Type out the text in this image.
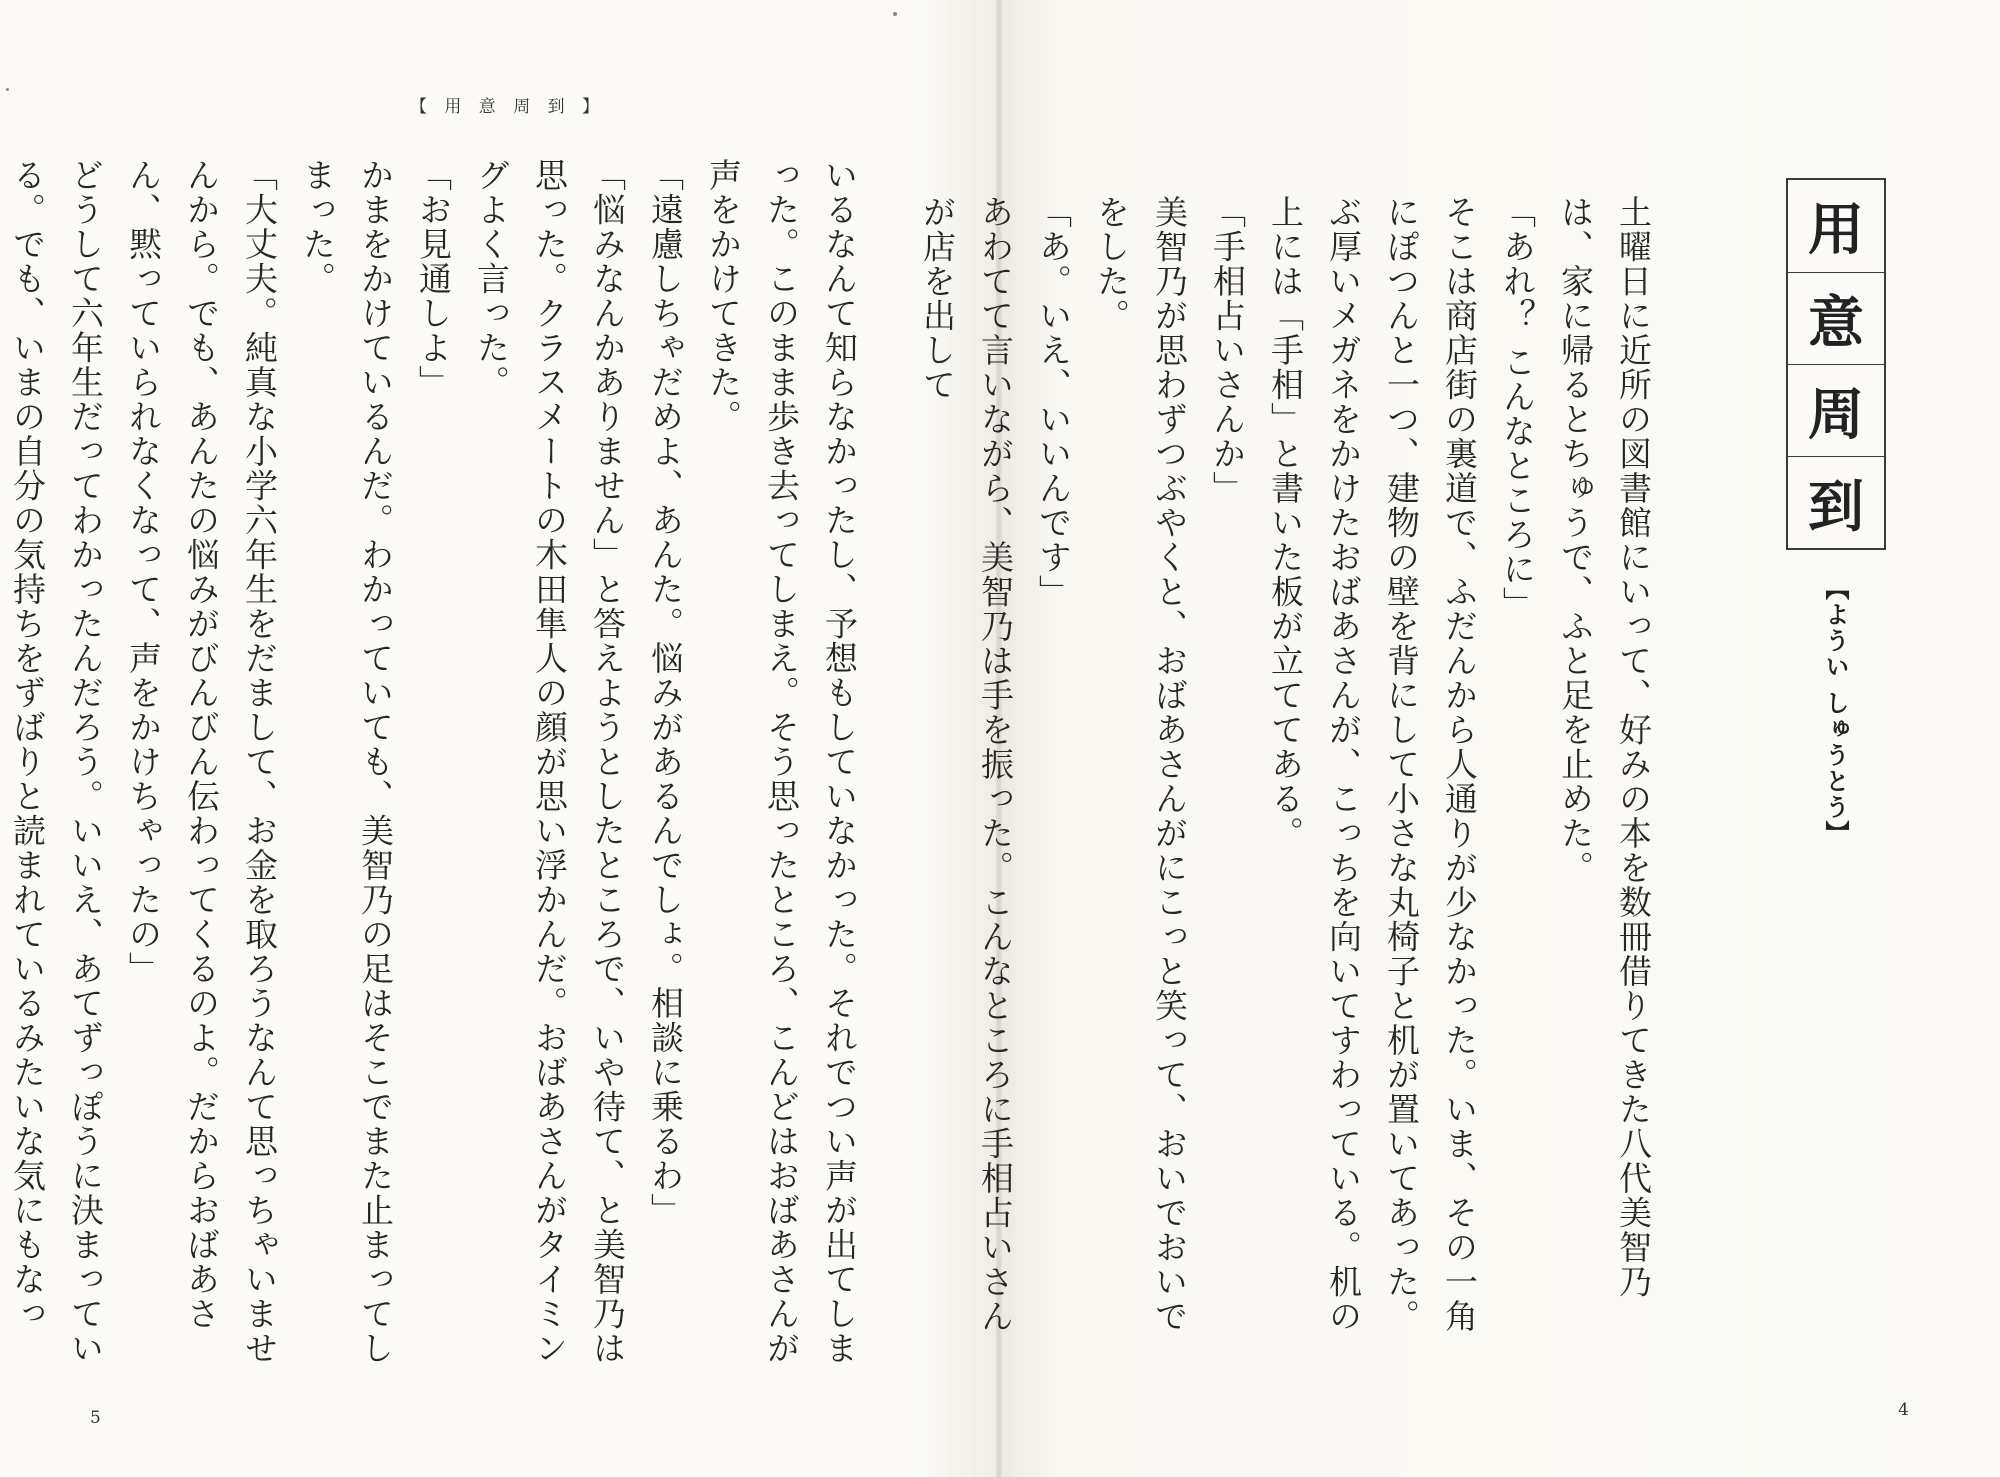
【 用 意 周 到 】

いるなんて知らなかったし、予想もしていなかった。それでつい声が出てしまった。このまま歩き去ってしまえ。そう思ったところ、こんどはおばあさんが声をかけてきた。

「遠慮しちゃだめよ、あんた。悩みがあるんでしょ。相談に乗るわ」

「悩みなんかありません」と答えようとしたところで、いや待て、と美智乃は思った。クラスメートの木田隼人の顔が思い浮かんだ。おばあさんがタイミングよく言った。

「お見通しよ」

かまをかけているんだ。わかっていても、美智乃の足はそこでまた止まってしまった。

「大丈夫。純真な小学六年生をだまして、お金を取ろうなんて思っちゃいませんから。でも、あんたの悩みがびんびん伝わってくるのよ。だからおばあさん、黙っていられなくなって、声をかけちゃったの」

どうして六年生だってわかったんだろう。いいえ、あてずっぽうに決まっている。でも、いまの自分の気持ちをずばりと読まれているみたいな気にもなっ

5	4
用
意
周
到
【ようい しゅうとう】

土曜日に近所の図書館にいって、好みの本を数冊借りてきた八代美智乃は、家に帰るとちゅうで、ふと足を止めた。

「あれ？ こんなところに」

そこは商店街の裏道で、ふだんから人通りが少なかった。いま、その一角にぽつんと一つ、建物の壁を背にして小さな丸椅子と机が置いてあった。ぶ厚いメガネをかけたおばあさんが、こっちを向いてすわっている。机の上には「手相」と書いた板が立ててある。

「手相占いさんか」

美智乃が思わずつぶやくと、おばあさんがにこっと笑って、おいでおいでをした。

「あ。いえ、いいんです」

あわてて言いながら、美智乃は手を振った。こんなところに手相占いさんが店を出して
